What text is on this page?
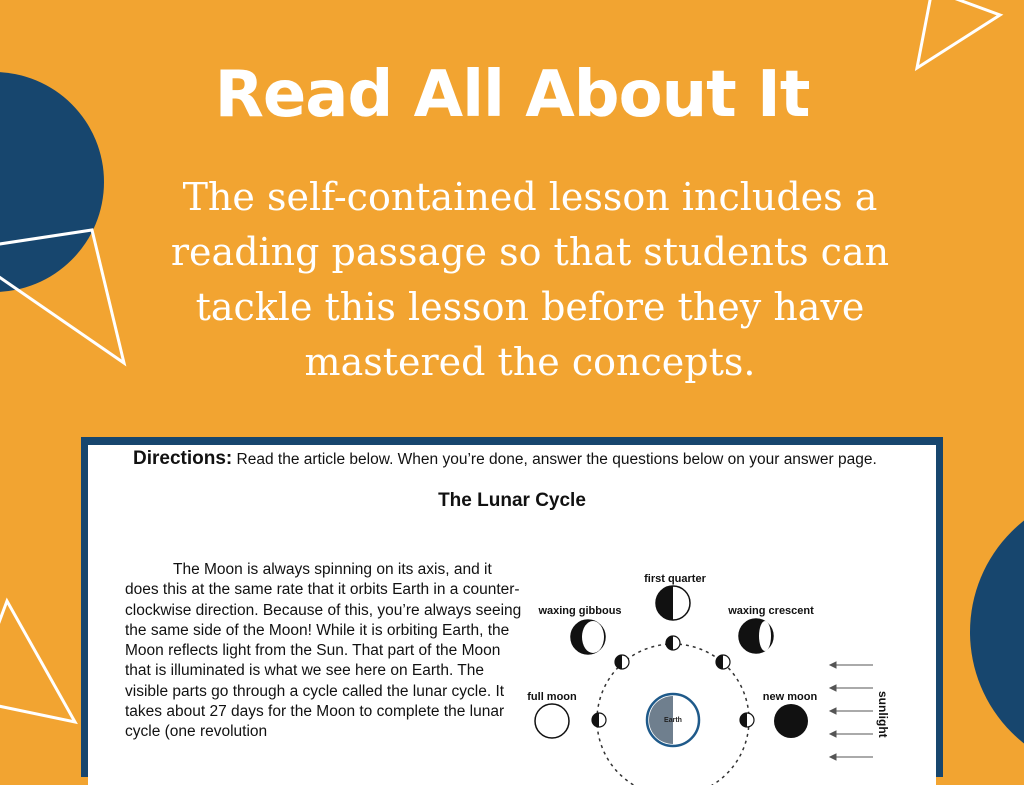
Read All About It

The self-contained lesson includes a reading passage so that students can tackle this lesson before they have mastered the concepts.

Directions: Read the article below. When you’re done, answer the questions below on your answer page.
The Lunar Cycle
The Moon is always spinning on its axis, and it does this at the same rate that it orbits Earth in a counter-clockwise direction. Because of this, you’re always seeing the same side of the Moon! While it is orbiting Earth, the Moon reflects light from the Sun. That part of the Moon that is illuminated is what we see here on Earth. The visible parts go through a cycle called the lunar cycle. It takes about 27 days for the Moon to complete the lunar cycle (one revolution
Earth
first quarter
waxing gibbous	waxing crescent
full moon	new moon	sunlight
